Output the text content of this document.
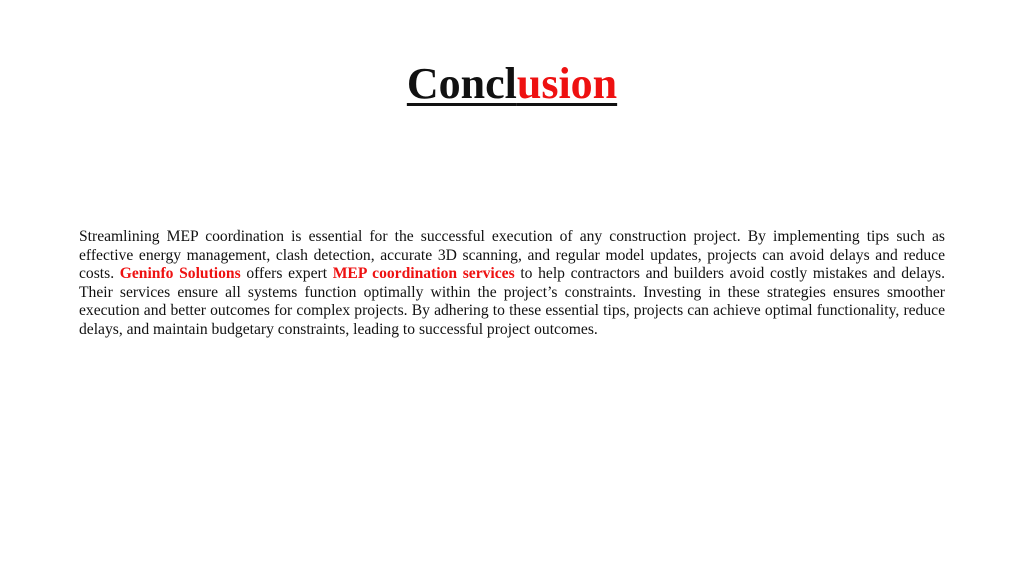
Conclusion

Streamlining MEP coordination is essential for the successful execution of any construction project. By implementing tips such as effective energy management, clash detection, accurate 3D scanning, and regular model updates, projects can avoid delays and reduce costs. Geninfo Solutions offers expert MEP coordination services to help contractors and builders avoid costly mistakes and delays. Their services ensure all systems function optimally within the project’s constraints. Investing in these strategies ensures smoother execution and better outcomes for complex projects. By adhering to these essential tips, projects can achieve optimal functionality, reduce delays, and maintain budgetary constraints, leading to successful project outcomes.
